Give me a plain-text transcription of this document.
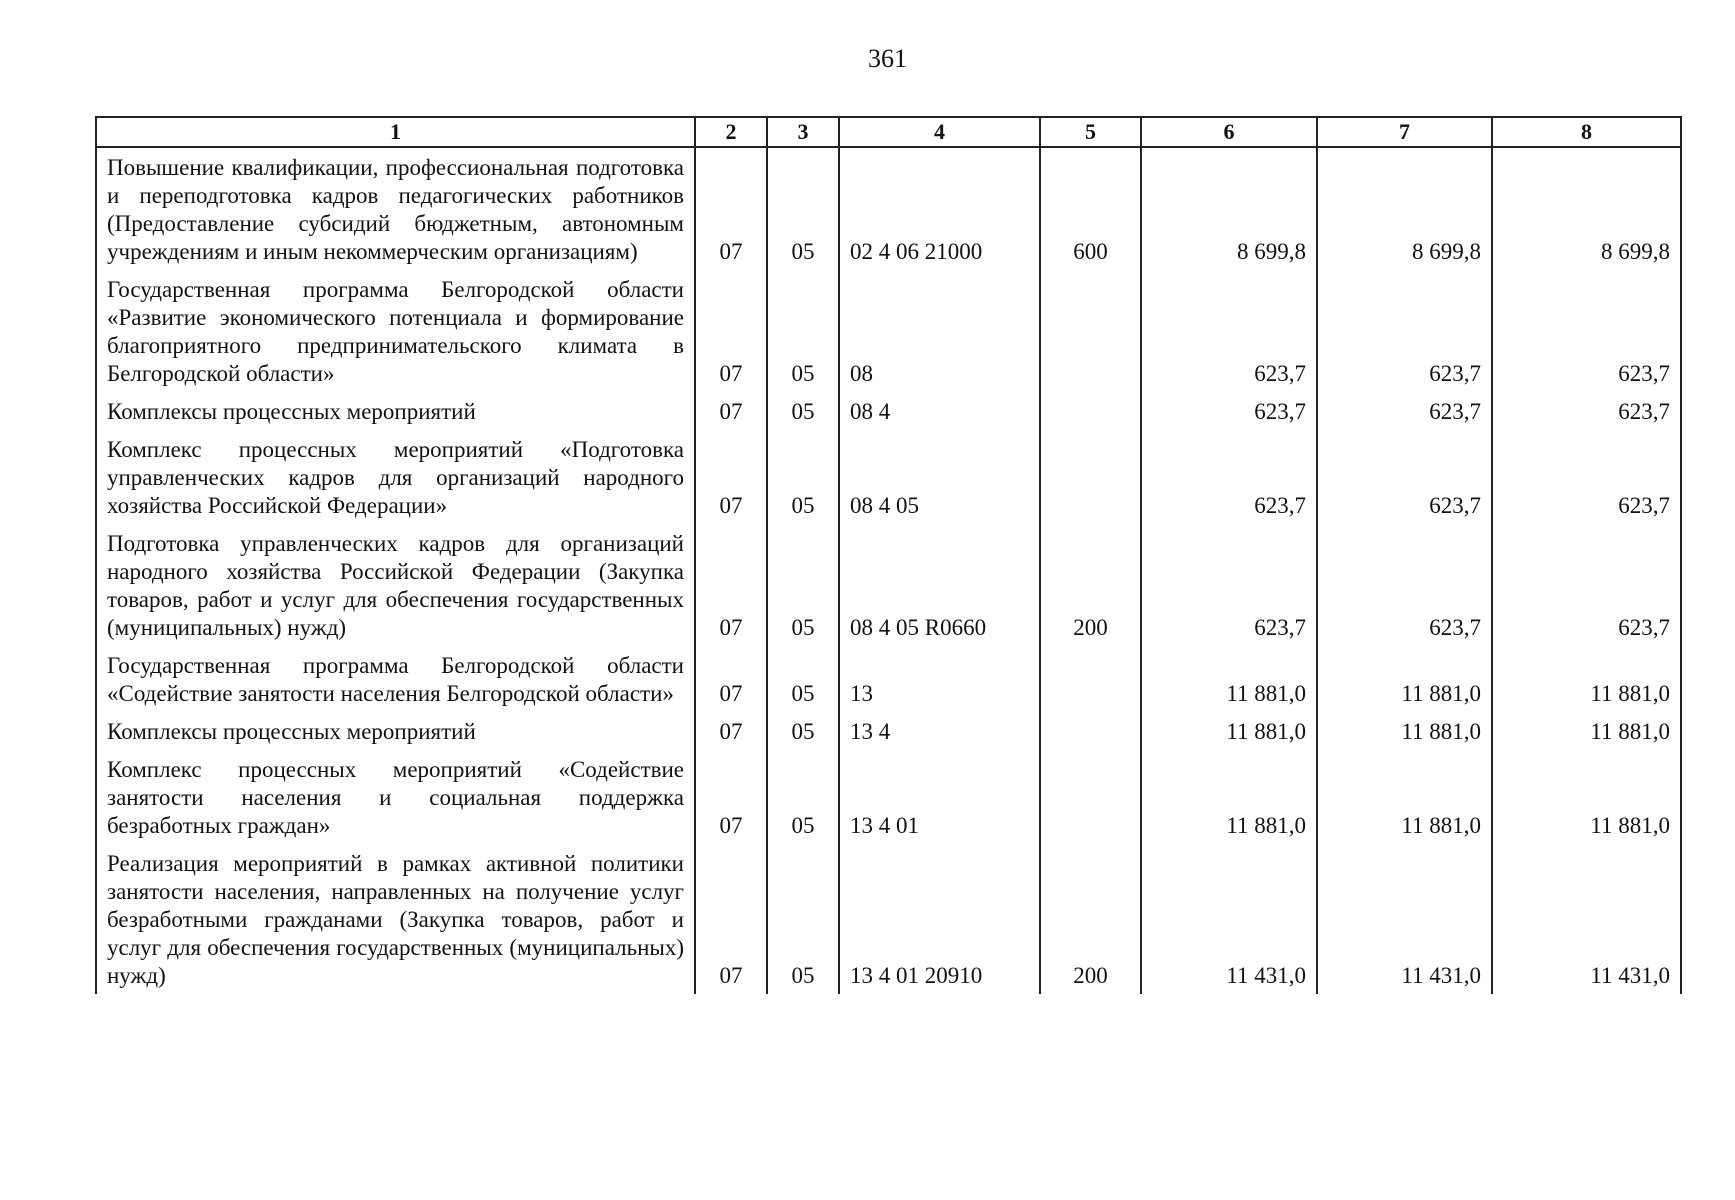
361
1	2	3	4	5	6	7	8
Повышение квалификации, профессиональная подготовка и переподготовка кадров педагогических работников (Предоставление субсидий бюджетным, автономным учреждениям и иным некоммерческим организациям)	07	05	02 4 06 21000	600	8 699,8	8 699,8	8 699,8
Государственная программа Белгородской области «Развитие экономического потенциала и формирование благоприятного предпринимательского климата в Белгородской области»	07	05	08		623,7	623,7	623,7
Комплексы процессных мероприятий	07	05	08 4		623,7	623,7	623,7
Комплекс процессных мероприятий «Подготовка управленческих кадров для организаций народного хозяйства Российской Федерации»	07	05	08 4 05		623,7	623,7	623,7
Подготовка управленческих кадров для организаций народного хозяйства Российской Федерации (Закупка товаров, работ и услуг для обеспечения государственных (муниципальных) нужд)	07	05	08 4 05 R0660	200	623,7	623,7	623,7
Государственная программа Белгородской области «Содействие занятости населения Белгородской области»	07	05	13		11 881,0	11 881,0	11 881,0
Комплексы процессных мероприятий	07	05	13 4		11 881,0	11 881,0	11 881,0
Комплекс процессных мероприятий «Содействие занятости населения и социальная поддержка безработных граждан»	07	05	13 4 01		11 881,0	11 881,0	11 881,0
Реализация мероприятий в рамках активной политики занятости населения, направленных на получение услуг безработными гражданами (Закупка товаров, работ и услуг для обеспечения государственных (муниципальных) нужд)	07	05	13 4 01 20910	200	11 431,0	11 431,0	11 431,0
